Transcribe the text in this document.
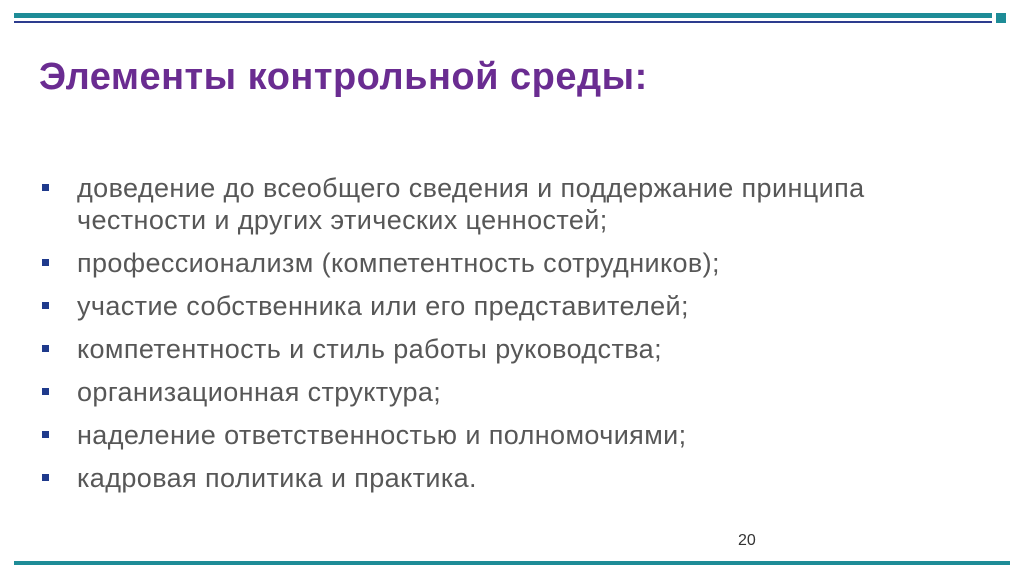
Элементы контрольной среды:
доведение до всеобщего сведения и поддержание принципа честности и других этических ценностей;
профессионализм (компетентность сотрудников);
участие собственника или его представителей;
компетентность и стиль работы руководства;
организационная структура;
наделение ответственностью и полномочиями;
кадровая политика и практика.
20
